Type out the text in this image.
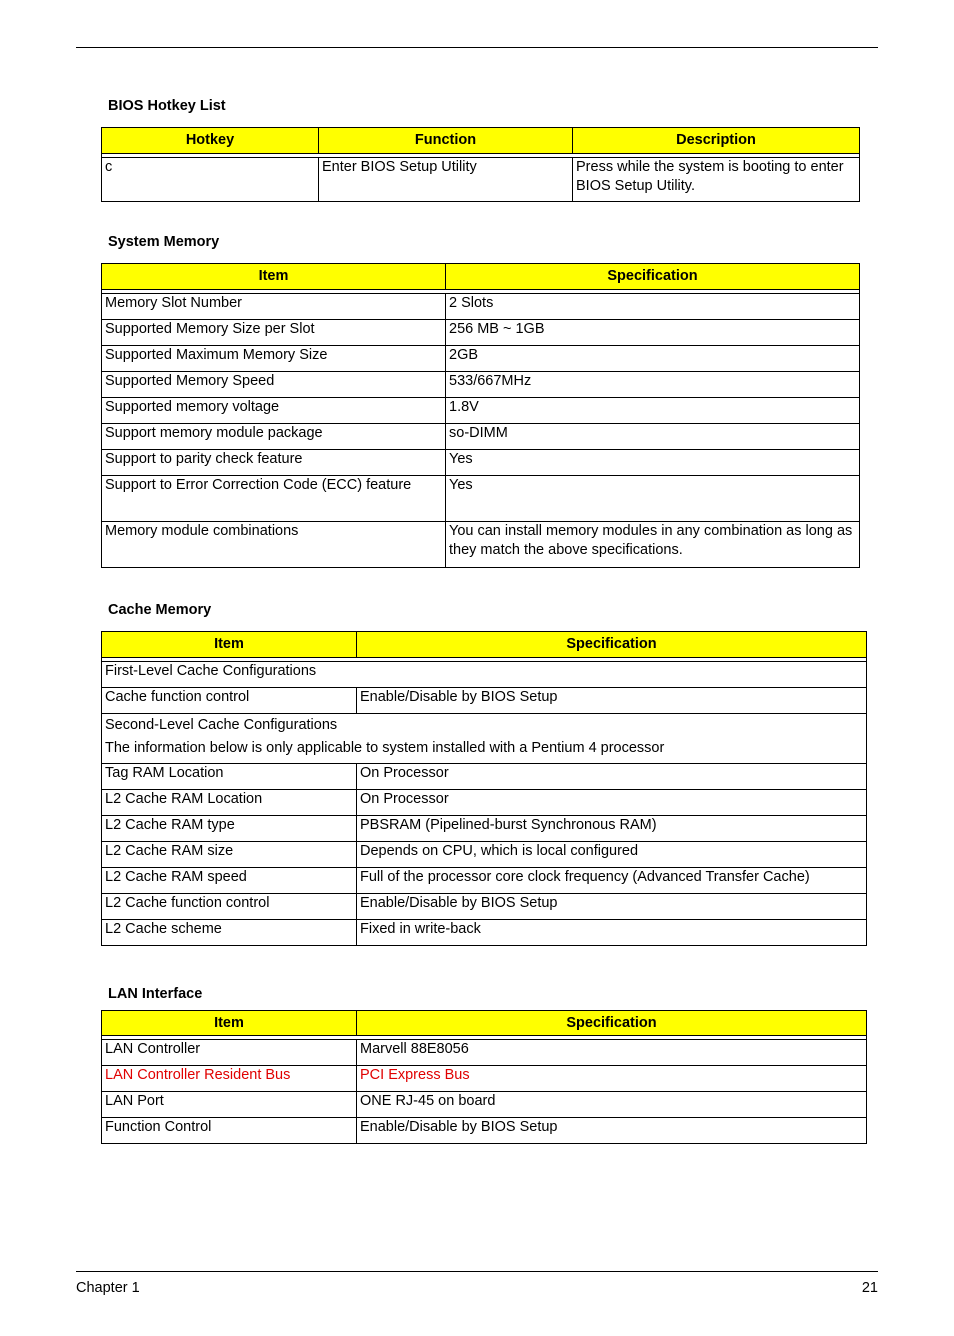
BIOS Hotkey List
Hotkey	Function	Description

c	Enter BIOS Setup Utility	Press while the system is booting to enter BIOS Setup Utility.
System Memory
Item	Specification

Memory Slot Number	2 Slots
Supported Memory Size per Slot	256 MB ~ 1GB
Supported Maximum Memory Size	2GB
Supported Memory Speed	533/667MHz
Supported memory voltage	1.8V
Support memory module package	so-DIMM
Support to parity check feature	Yes
Support to Error Correction Code (ECC) feature	Yes
Memory module combinations	You can install memory modules in any combination as long as they match the above specifications.
Cache Memory
Item	Specification

First-Level Cache Configurations	
Cache function control	Enable/Disable by BIOS Setup
Second-Level Cache Configurations
The information below is only applicable to system installed with a Pentium 4 processor	
Tag RAM Location	On Processor
L2 Cache RAM Location	On Processor
L2 Cache RAM type	PBSRAM (Pipelined-burst Synchronous RAM)
L2 Cache RAM size	Depends on CPU, which is local configured
L2 Cache RAM speed	Full of the processor core clock frequency (Advanced Transfer Cache)
L2 Cache function control	Enable/Disable by BIOS Setup
L2 Cache scheme	Fixed in write-back
LAN Interface
Item	Specification

LAN Controller	Marvell 88E8056
LAN Controller Resident Bus	PCI Express Bus
LAN Port	ONE RJ-45 on board
Function Control	Enable/Disable by BIOS Setup
Chapter 1	21
